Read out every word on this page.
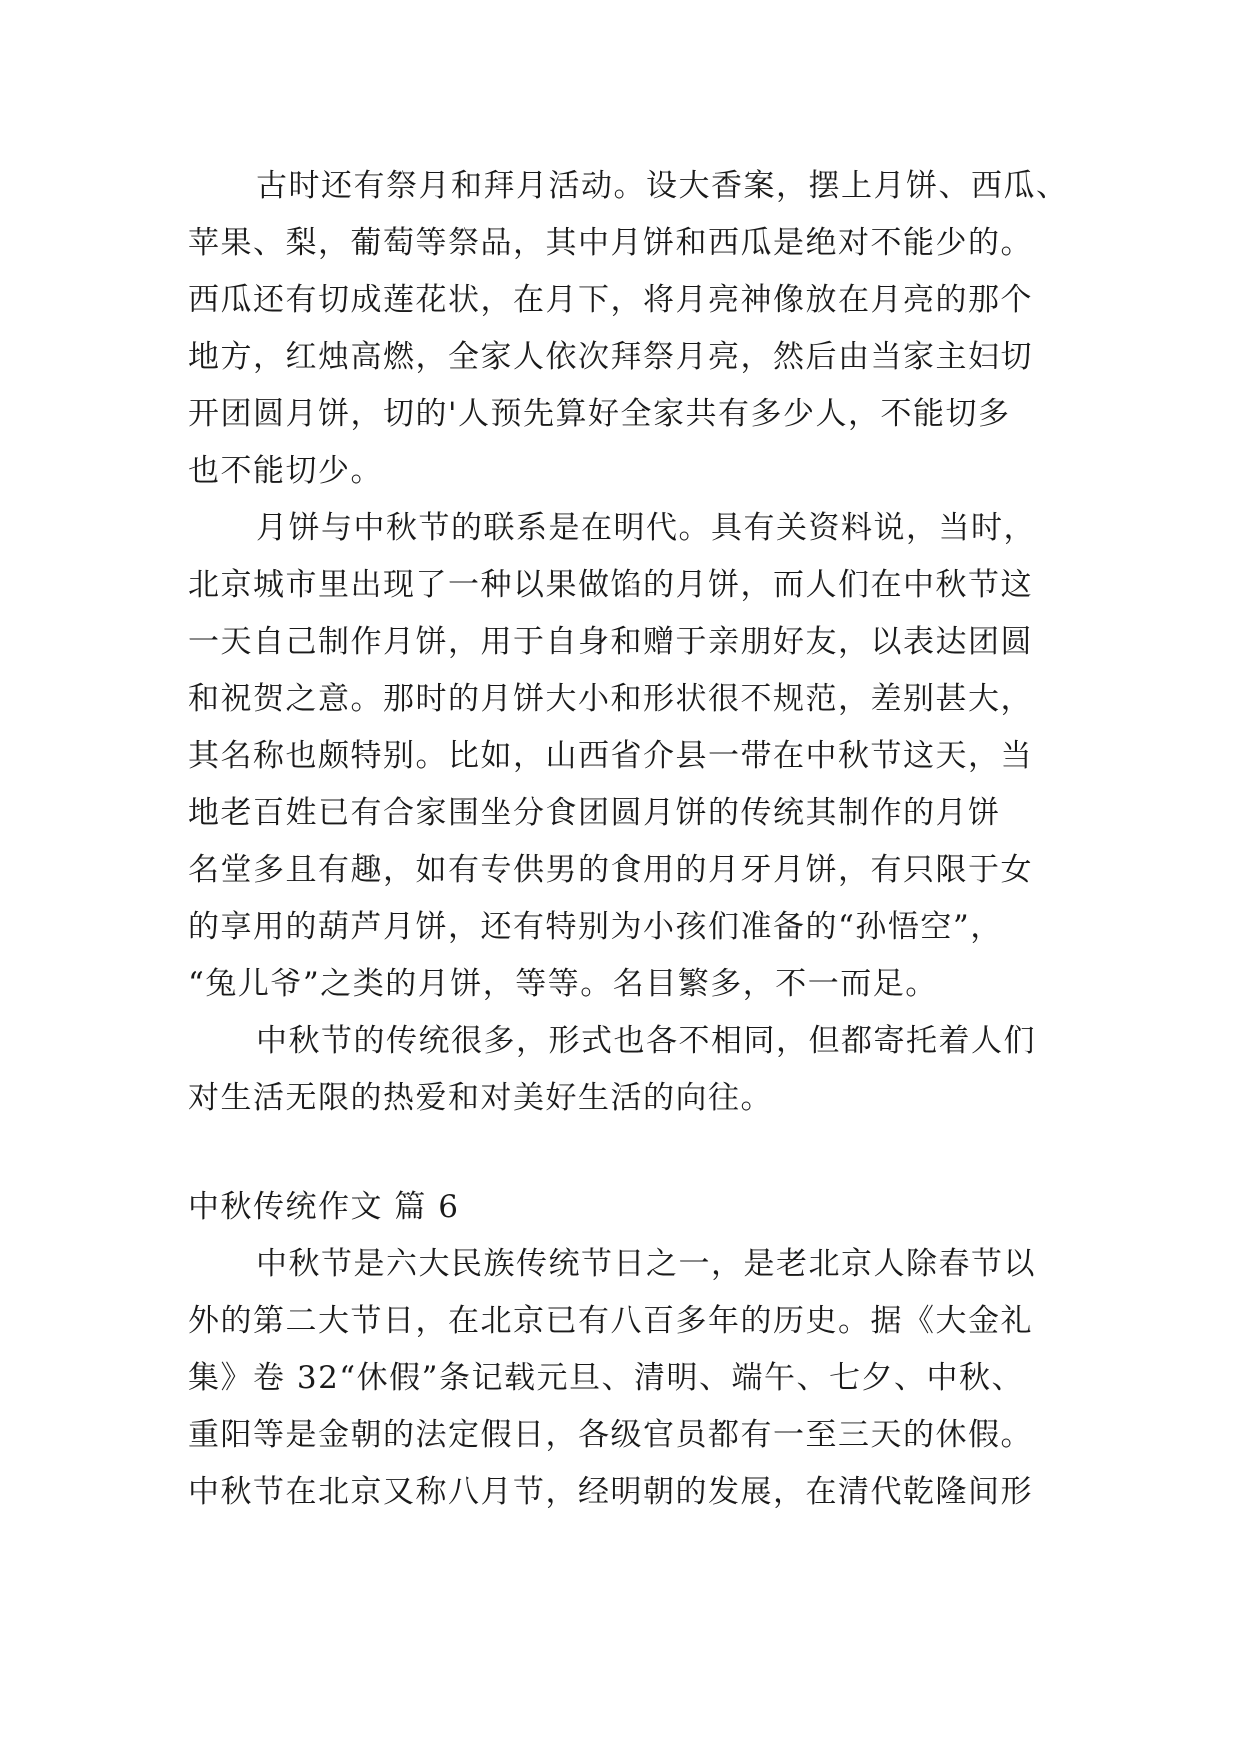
古时还有祭月和拜月活动。设大香案，摆上月饼、西瓜、
苹果、梨，葡萄等祭品，其中月饼和西瓜是绝对不能少的。
西瓜还有切成莲花状，在月下，将月亮神像放在月亮的那个
地方，红烛高燃，全家人依次拜祭月亮，然后由当家主妇切
开团圆月饼，切的'人预先算好全家共有多少人，不能切多
也不能切少。
月饼与中秋节的联系是在明代。具有关资料说，当时，
北京城市里出现了一种以果做馅的月饼，而人们在中秋节这
一天自己制作月饼，用于自身和赠于亲朋好友，以表达团圆
和祝贺之意。那时的月饼大小和形状很不规范，差别甚大，
其名称也颇特别。比如，山西省介县一带在中秋节这天，当
地老百姓已有合家围坐分食团圆月饼的传统其制作的月饼
名堂多且有趣，如有专供男的食用的月牙月饼，有只限于女
的享用的葫芦月饼，还有特别为小孩们准备的“孙悟空”，
“兔儿爷”之类的月饼，等等。名目繁多，不一而足。
中秋节的传统很多，形式也各不相同，但都寄托着人们
对生活无限的热爱和对美好生活的向往。
中秋传统作文 篇 6
中秋节是六大民族传统节日之一，是老北京人除春节以
外的第二大节日，在北京已有八百多年的历史。据《大金礼
集》卷 32“休假”条记载元旦、清明、端午、七夕、中秋、
重阳等是金朝的法定假日，各级官员都有一至三天的休假。
中秋节在北京又称八月节，经明朝的发展，在清代乾隆间形
